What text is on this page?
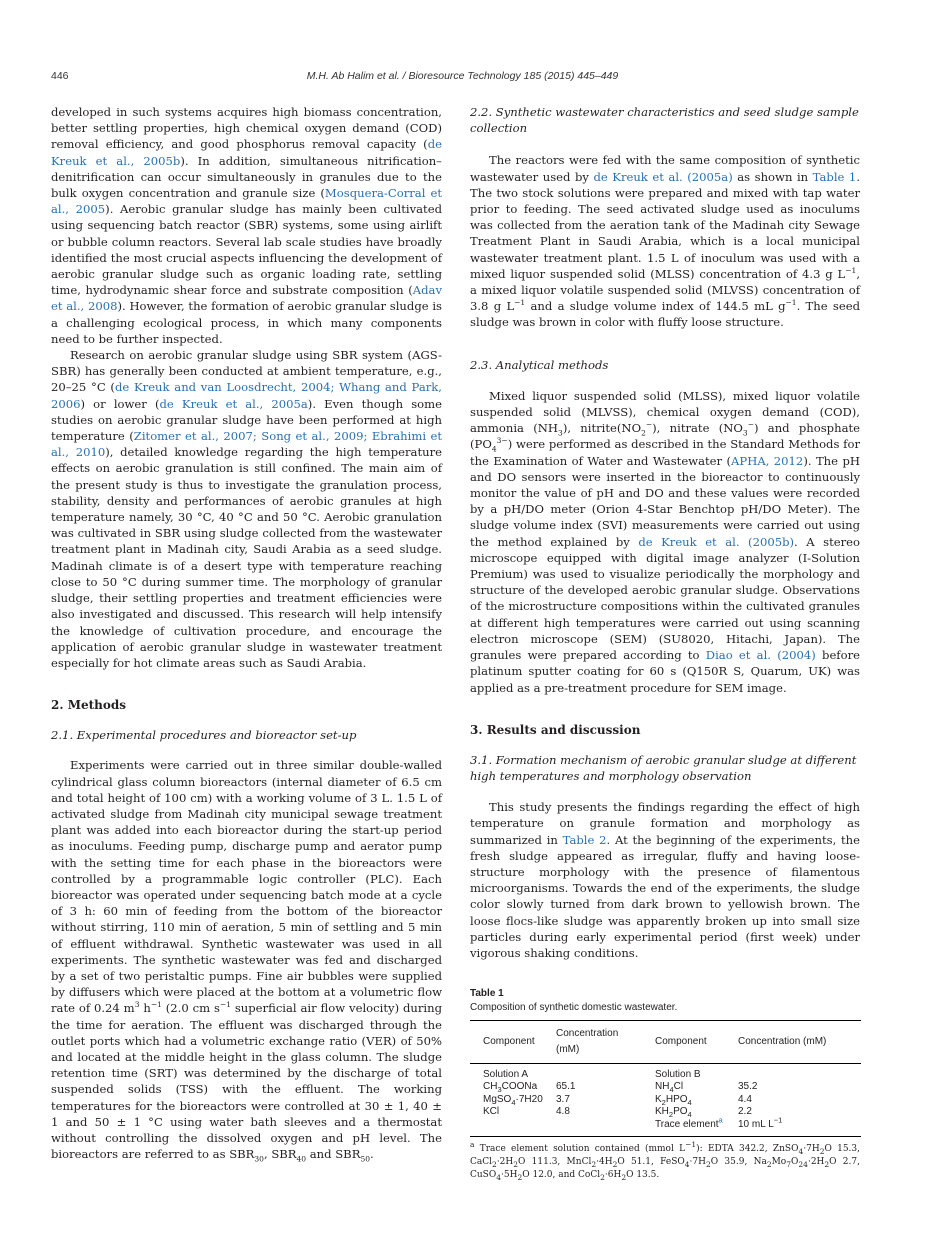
446	M.H. Ab Halim et al. / Bioresource Technology 185 (2015) 445–449

developed in such systems acquires high biomass concentration, better settling properties, high chemical oxygen demand (COD) removal efficiency, and good phosphorus removal capacity (de Kreuk et al., 2005b). In addition, simultaneous nitrification–denitrification can occur simultaneously in granules due to the bulk oxygen concentration and granule size (Mosquera-Corral et al., 2005). Aerobic granular sludge has mainly been cultivated using sequencing batch reactor (SBR) systems, some using airlift or bubble column reactors. Several lab scale studies have broadly identified the most crucial aspects influencing the development of aerobic granular sludge such as organic loading rate, settling time, hydrodynamic shear force and substrate composition (Adav et al., 2008). However, the formation of aerobic granular sludge is a challenging ecological process, in which many components need to be further inspected.

Research on aerobic granular sludge using SBR system (AGS-SBR) has generally been conducted at ambient temperature, e.g., 20–25 °C (de Kreuk and van Loosdrecht, 2004; Whang and Park, 2006) or lower (de Kreuk et al., 2005a). Even though some studies on aerobic granular sludge have been performed at high temperature (Zitomer et al., 2007; Song et al., 2009; Ebrahimi et al., 2010), detailed knowledge regarding the high temperature effects on aerobic granulation is still confined. The main aim of the present study is thus to investigate the granulation process, stability, density and performances of aerobic granules at high temperature namely, 30 °C, 40 °C and 50 °C. Aerobic granulation was cultivated in SBR using sludge collected from the wastewater treatment plant in Madinah city, Saudi Arabia as a seed sludge. Madinah climate is of a desert type with temperature reaching close to 50 °C during summer time. The morphology of granular sludge, their settling properties and treatment efficiencies were also investigated and discussed. This research will help intensify the knowledge of cultivation procedure, and encourage the application of aerobic granular sludge in wastewater treatment especially for hot climate areas such as Saudi Arabia.

2. Methods
2.1. Experimental procedures and bioreactor set-up

Experiments were carried out in three similar double-walled cylindrical glass column bioreactors (internal diameter of 6.5 cm and total height of 100 cm) with a working volume of 3 L. 1.5 L of activated sludge from Madinah city municipal sewage treatment plant was added into each bioreactor during the start-up period as inoculums. Feeding pump, discharge pump and aerator pump with the setting time for each phase in the bioreactors were controlled by a programmable logic controller (PLC). Each bioreactor was operated under sequencing batch mode at a cycle of 3 h: 60 min of feeding from the bottom of the bioreactor without stirring, 110 min of aeration, 5 min of settling and 5 min of effluent withdrawal. Synthetic wastewater was used in all experiments. The synthetic wastewater was fed and discharged by a set of two peristaltic pumps. Fine air bubbles were supplied by diffusers which were placed at the bottom at a volumetric flow rate of 0.24 $m^3$ $h^{-1}$ (2.0 cm $s^{-1}$ superficial air flow velocity) during the time for aeration. The effluent was discharged through the outlet ports which had a volumetric exchange ratio (VER) of 50% and located at the middle height in the glass column. The sludge retention time (SRT) was determined by the discharge of total suspended solids (TSS) with the effluent. The working temperatures for the bioreactors were controlled at 30 ± 1, 40 ± 1 and 50 ± 1 °C using water bath sleeves and a thermostat without controlling the dissolved oxygen and pH level. The bioreactors are referred to as $SBR_{30}$, $SBR_{40}$ and $SBR_{50}$.

2.2. Synthetic wastewater characteristics and seed sludge sample collection

The reactors were fed with the same composition of synthetic wastewater used by de Kreuk et al. (2005a) as shown in Table 1. The two stock solutions were prepared and mixed with tap water prior to feeding. The seed activated sludge used as inoculums was collected from the aeration tank of the Madinah city Sewage Treatment Plant in Saudi Arabia, which is a local municipal wastewater treatment plant. 1.5 L of inoculum was used with a mixed liquor suspended solid (MLSS) concentration of 4.3 g $L^{-1}$, a mixed liquor volatile suspended solid (MLVSS) concentration of 3.8 g $L^{-1}$ and a sludge volume index of 144.5 mL $g^{-1}$. The seed sludge was brown in color with fluffy loose structure.

2.3. Analytical methods

Mixed liquor suspended solid (MLSS), mixed liquor volatile suspended solid (MLVSS), chemical oxygen demand (COD), ammonia $(NH_3)$, $nitrite(NO_2^-)$, nitrate $(NO_3^-)$ and phosphate $(PO_4^{3-})$ were performed as described in the Standard Methods for the Examination of Water and Wastewater (APHA, 2012). The pH and DO sensors were inserted in the bioreactor to continuously monitor the value of pH and DO and these values were recorded by a pH/DO meter (Orion 4-Star Benchtop pH/DO Meter). The sludge volume index (SVI) measurements were carried out using the method explained by de Kreuk et al. (2005b). A stereo microscope equipped with digital image analyzer (I-Solution Premium) was used to visualize periodically the morphology and structure of the developed aerobic granular sludge. Observations of the microstructure compositions within the cultivated granules at different high temperatures were carried out using scanning electron microscope (SEM) (SU8020, Hitachi, Japan). The granules were prepared according to Diao et al. (2004) before platinum sputter coating for 60 s (Q150R S, Quarum, UK) was applied as a pre-treatment procedure for SEM image.

3. Results and discussion
3.1. Formation mechanism of aerobic granular sludge at different high temperatures and morphology observation

This study presents the findings regarding the effect of high temperature on granule formation and morphology as summarized in Table 2. At the beginning of the experiments, the fresh sludge appeared as irregular, fluffy and having loose-structure morphology with the presence of filamentous microorganisms. Towards the end of the experiments, the sludge color slowly turned from dark brown to yellowish brown. The loose flocs-like sludge was apparently broken up into small size particles during early experimental period (first week) under vigorous shaking conditions.

Table 1
Composition of synthetic domestic wastewater.
Component	Concentration (mM)	Component	Concentration (mM)
Solution A		Solution B	
$CH_3COONa$	65.1	$NH_4Cl$	35.2
MgSO$_4$·7H20	3.7	$K_2HPO_4$	4.4
KCl	4.8	$KH_2PO_4$	2.2
		Trace element$^a$	10 mL $L^{-1}$
$^a$ Trace element solution contained (mmol $L^{-1}$): EDTA 342.2, $ZnSO_4\cdot 7H_2O$ 15.3, $CaCl_2\cdot 2H_2O$ 111.3, $MnCl_2\cdot 4H_2O$ 51.1, $FeSO_4\cdot 7H_2O$ 35.9, $Na_2Mo_7O_{24}\cdot 2H_2O$ 2.7, $CuSO_4\cdot 5H_2O$ 12.0, and $CoCl_2\cdot 6H_2O$ 13.5.
